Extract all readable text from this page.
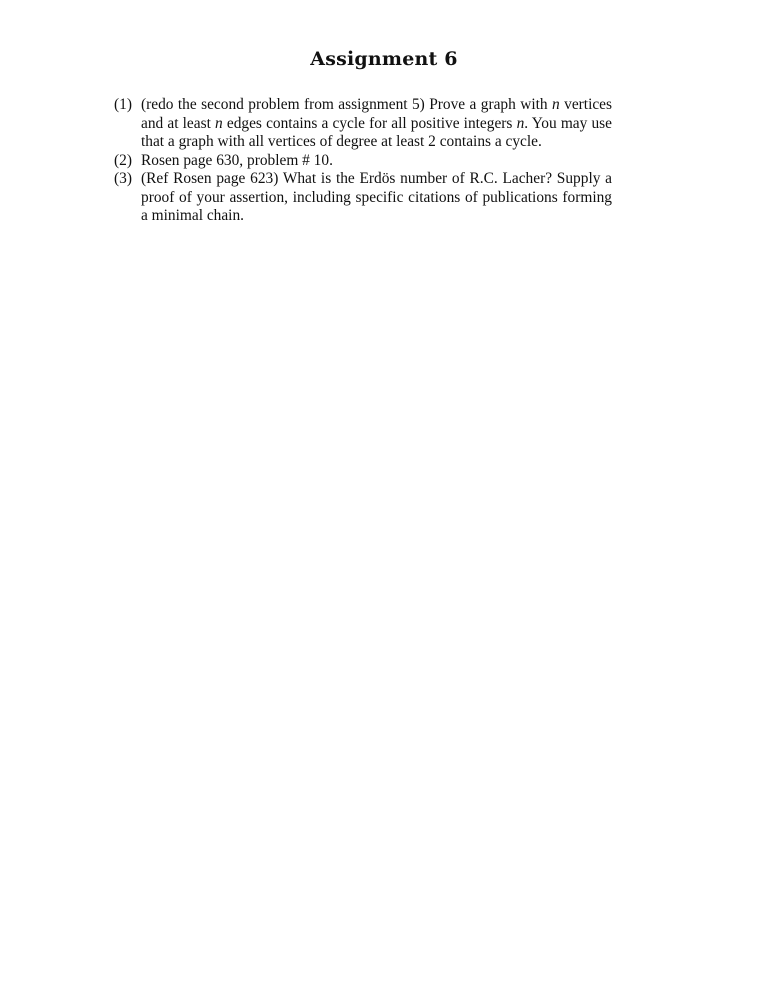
Assignment 6
(1) (redo the second problem from assignment 5) Prove a graph with n vertices and at least n edges contains a cycle for all positive integers n. You may use that a graph with all vertices of degree at least 2 contains a cycle.
(2) Rosen page 630, problem # 10.
(3) (Ref Rosen page 623) What is the Erdös number of R.C. Lacher? Supply a proof of your assertion, including specific citations of publications forming a minimal chain.
